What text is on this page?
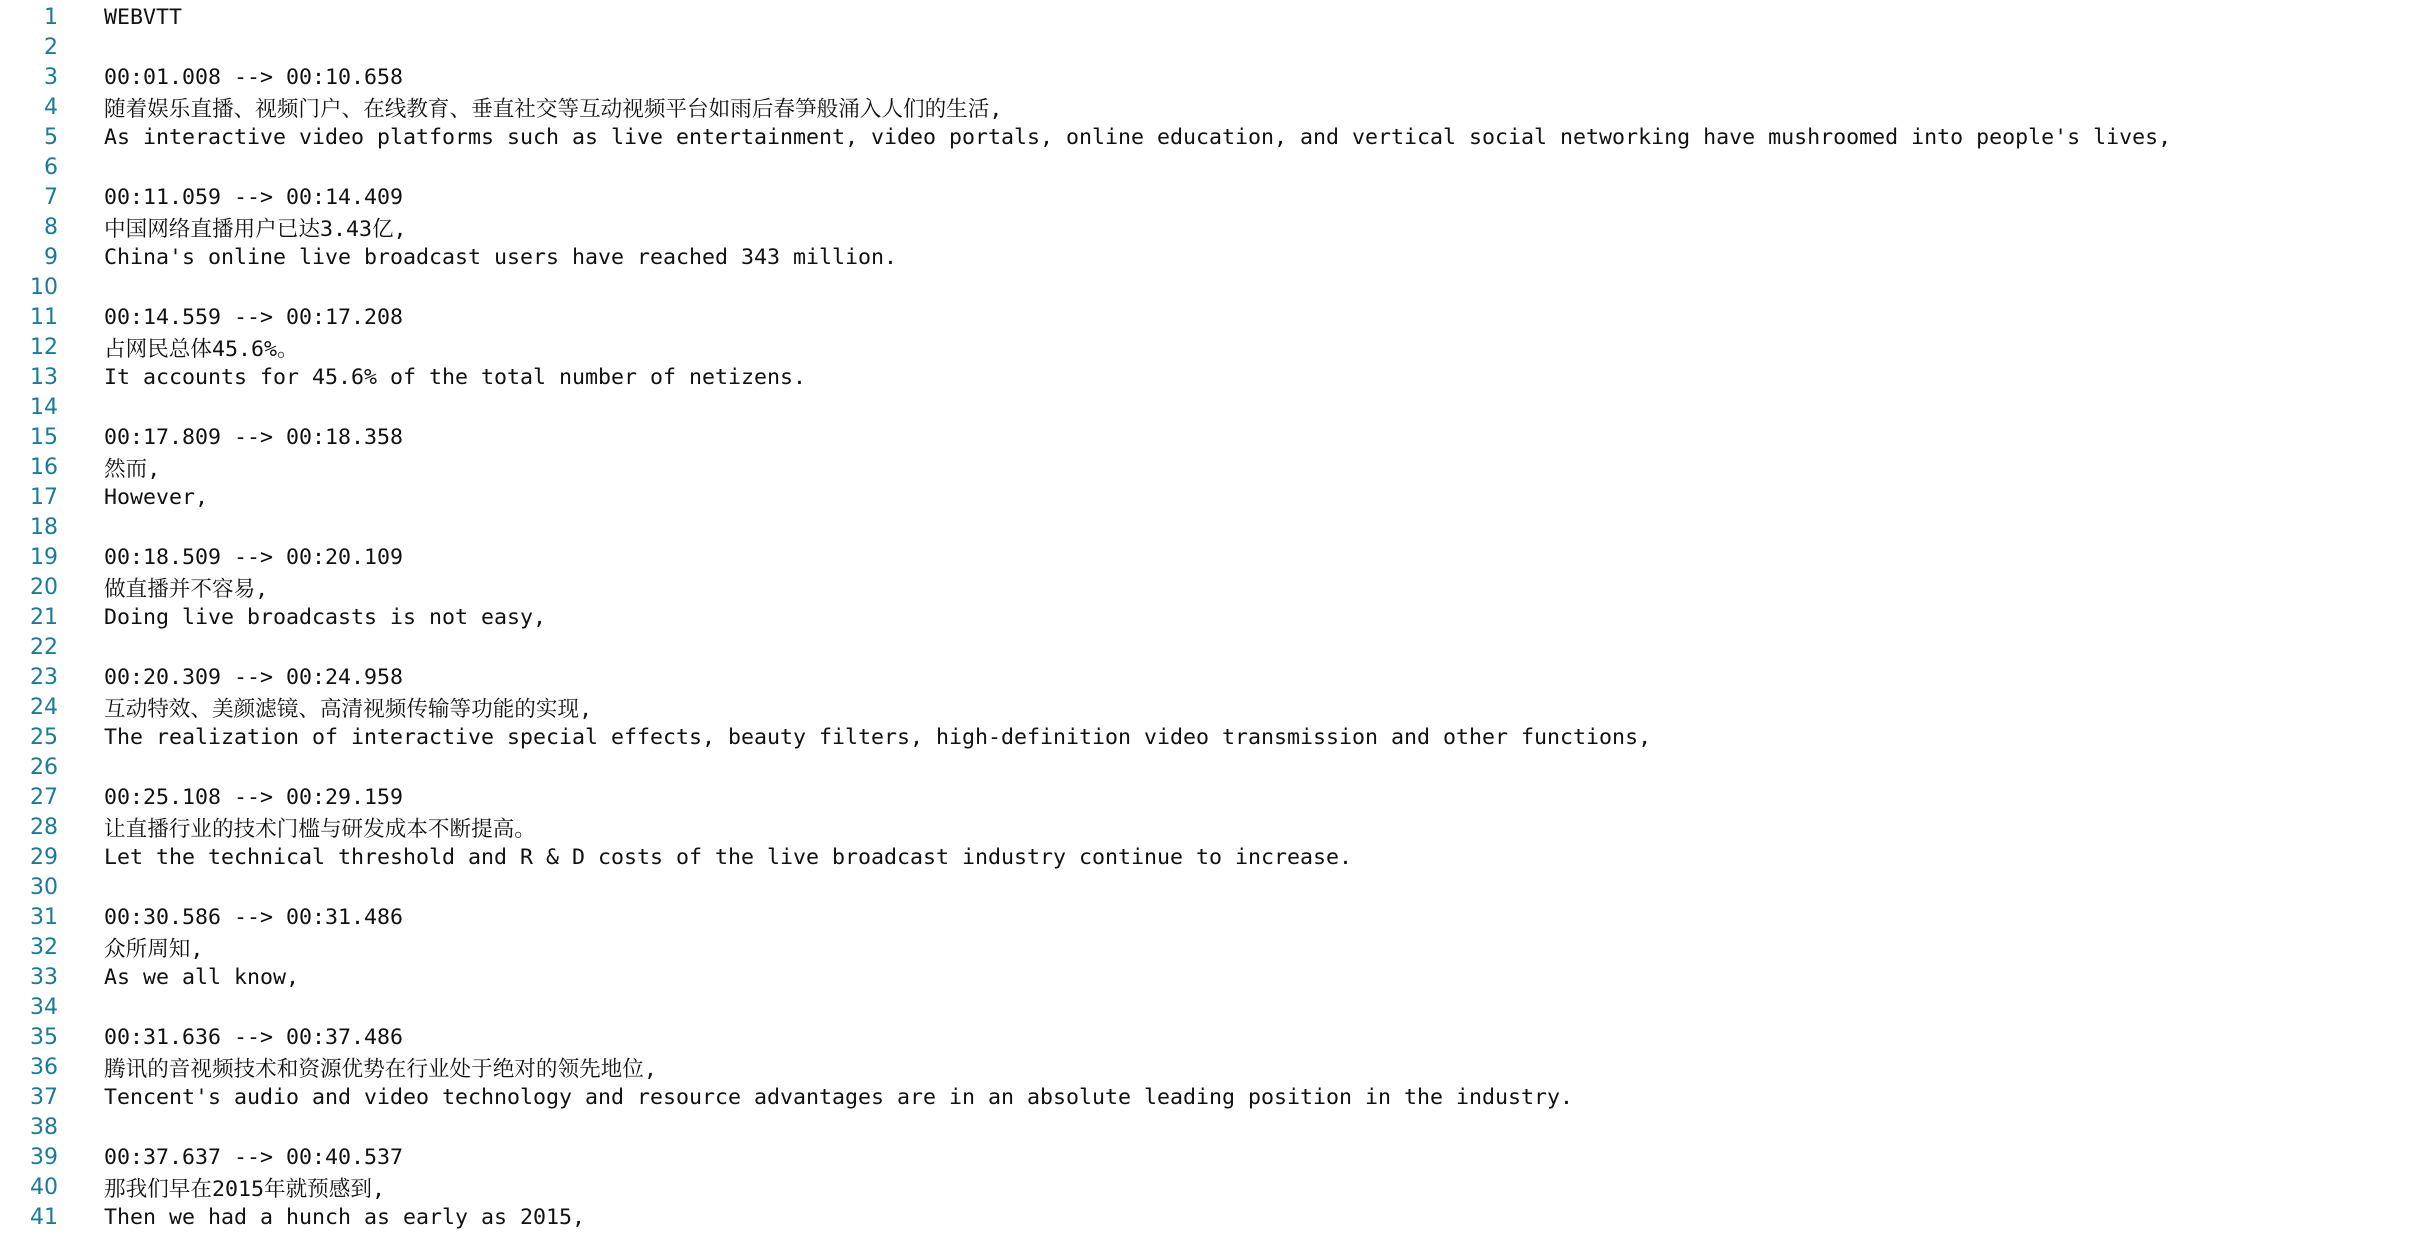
1 WEBVTT
2
3 00:01.008 --> 00:10.658
4 随着娱乐直播、视频门户、在线教育、垂直社交等互动视频平台如雨后春笋般涌入人们的生活,
5 As interactive video platforms such as live entertainment, video portals, online education, and vertical social networking have mushroomed into people's lives,
6
7 00:11.059 --> 00:14.409
8 中国网络直播用户已达3.43亿,
9 China's online live broadcast users have reached 343 million.
10
11 00:14.559 --> 00:17.208
12 占网民总体45.6%。
13 It accounts for 45.6% of the total number of netizens.
14
15 00:17.809 --> 00:18.358
16 然而,
17 However,
18
19 00:18.509 --> 00:20.109
20 做直播并不容易,
21 Doing live broadcasts is not easy,
22
23 00:20.309 --> 00:24.958
24 互动特效、美颜滤镜、高清视频传输等功能的实现,
25 The realization of interactive special effects, beauty filters, high-definition video transmission and other functions,
26
27 00:25.108 --> 00:29.159
28 让直播行业的技术门槛与研发成本不断提高。
29 Let the technical threshold and R & D costs of the live broadcast industry continue to increase.
30
31 00:30.586 --> 00:31.486
32 众所周知,
33 As we all know,
34
35 00:31.636 --> 00:37.486
36 腾讯的音视频技术和资源优势在行业处于绝对的领先地位,
37 Tencent's audio and video technology and resource advantages are in an absolute leading position in the industry.
38
39 00:37.637 --> 00:40.537
40 那我们早在2015年就预感到,
41 Then we had a hunch as early as 2015,
